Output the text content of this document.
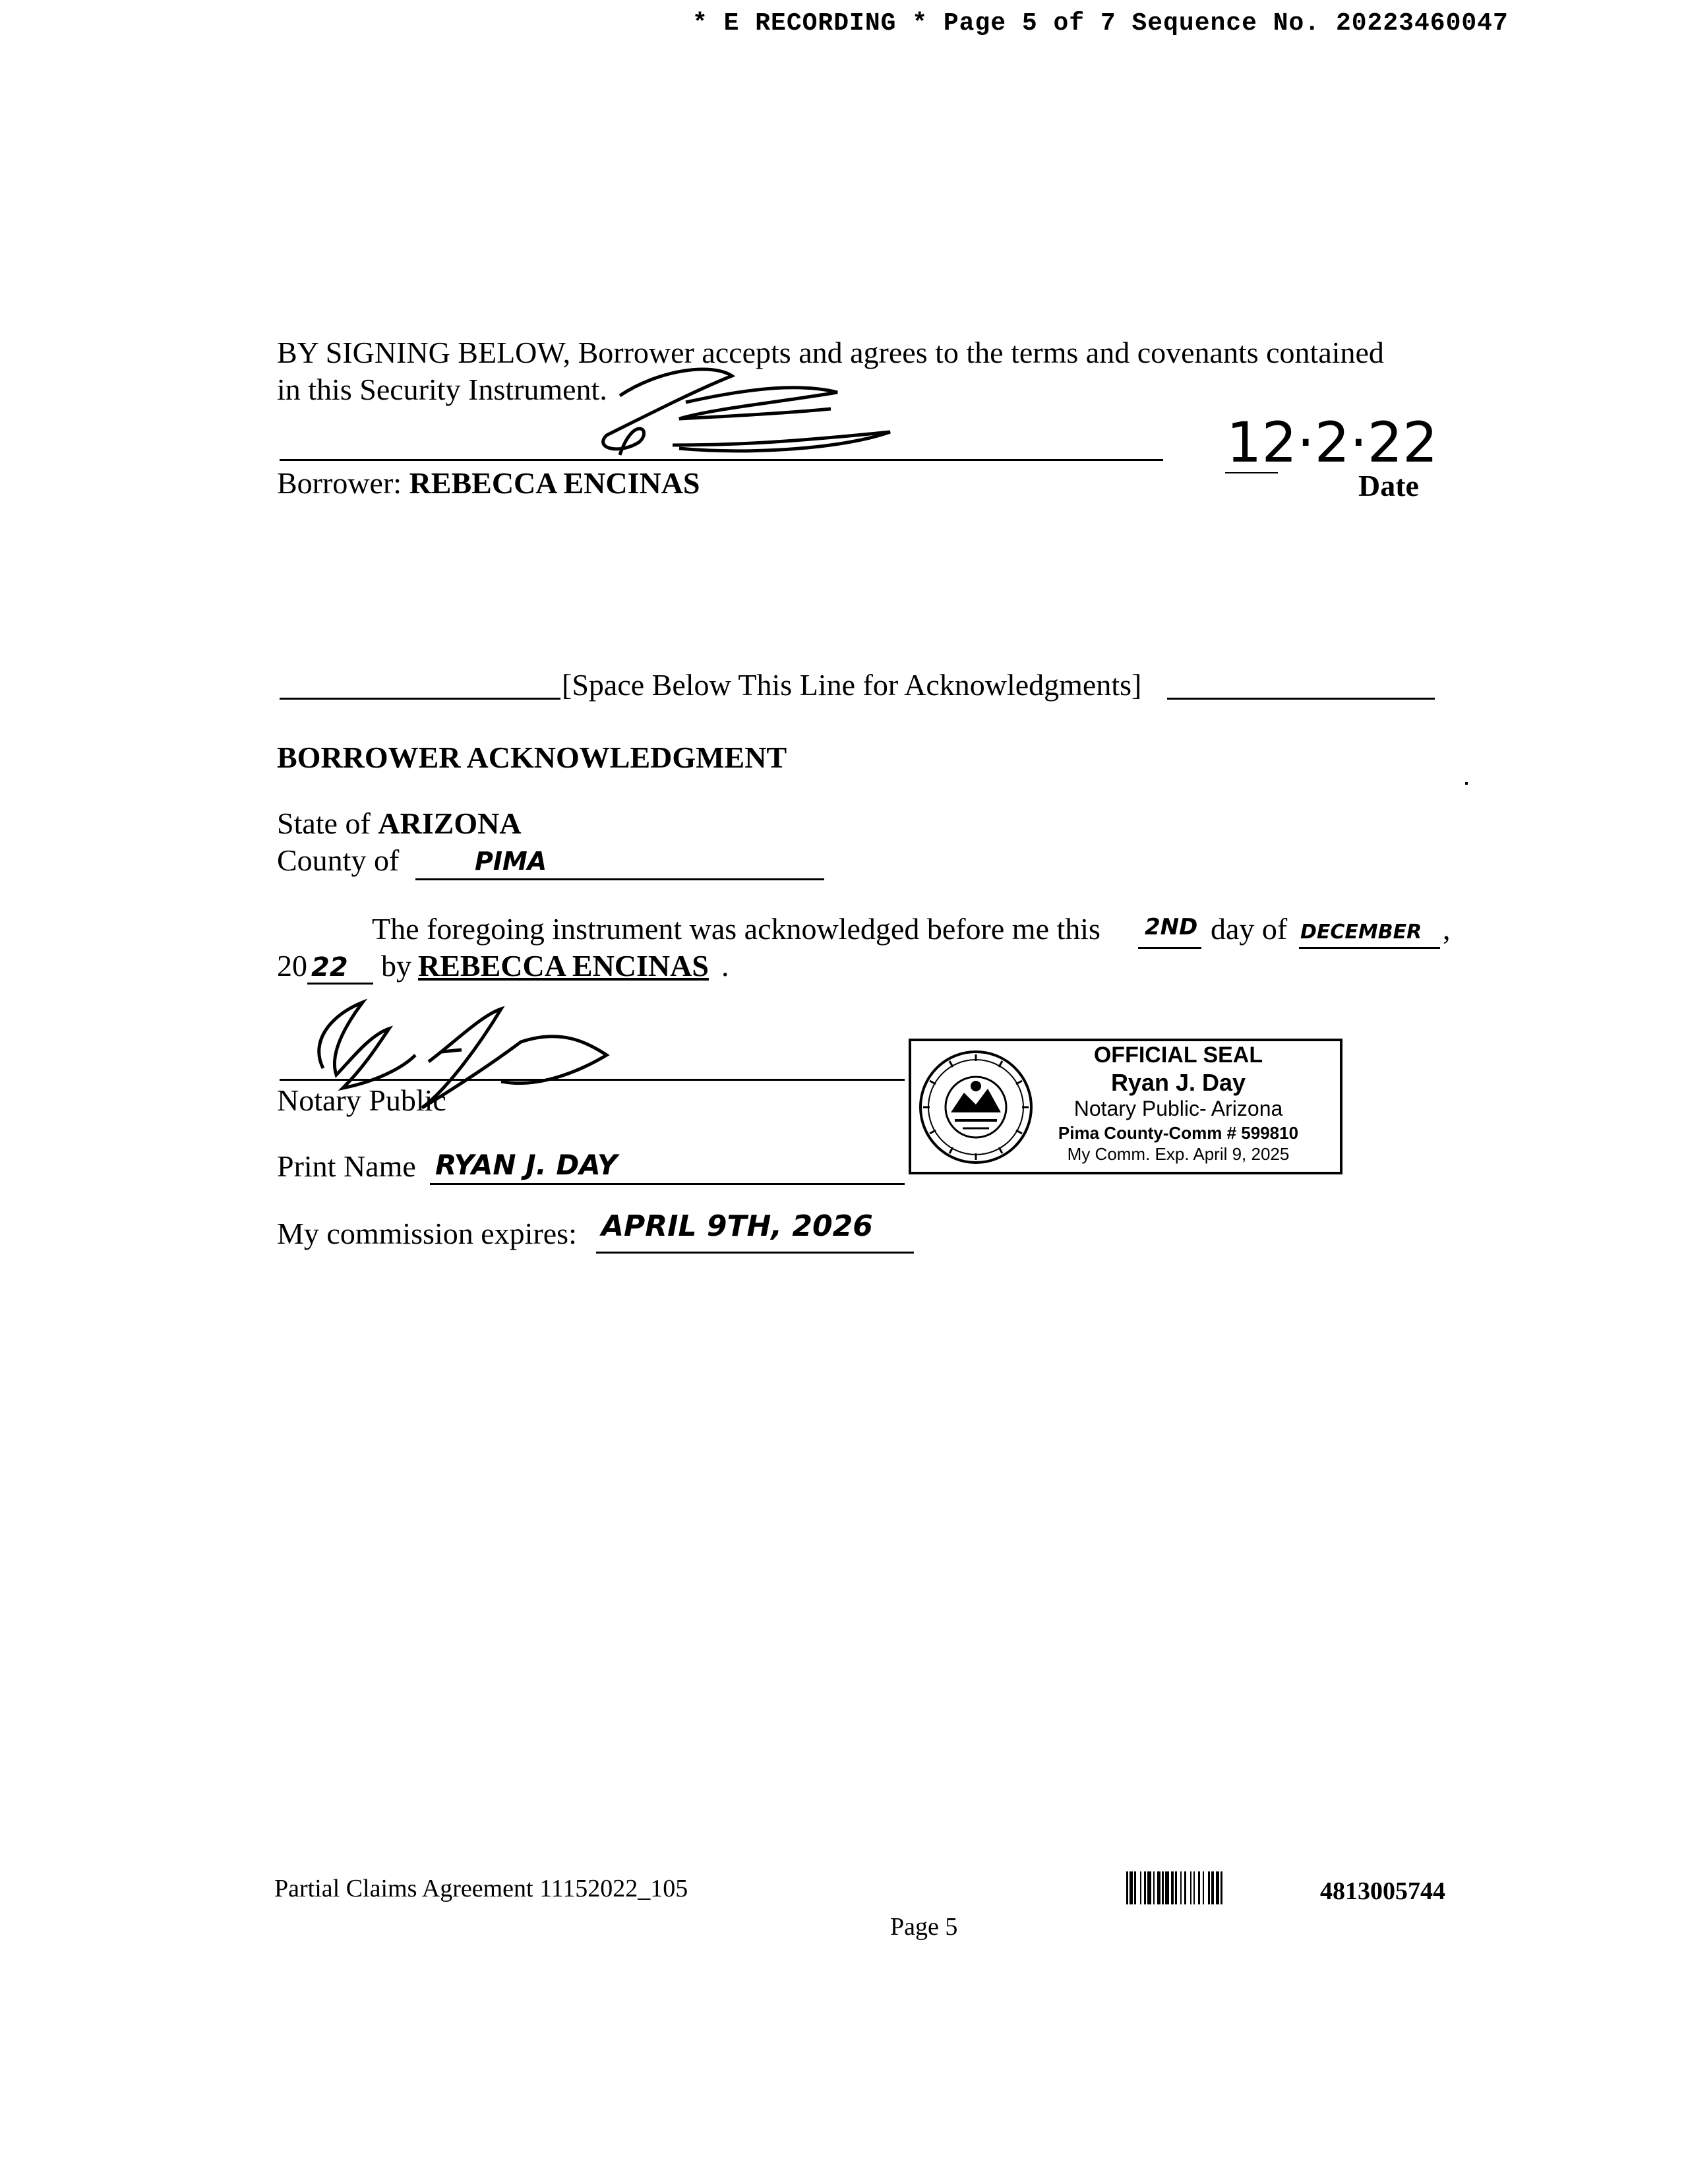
* E RECORDING * Page 5 of 7 Sequence No. 20223460047
BY SIGNING BELOW, Borrower accepts and agrees to the terms and covenants contained
in this Security Instrument.
Borrower: REBECCA ENCINAS
12·2·22
Date
[Space Below This Line for Acknowledgments]
BORROWER ACKNOWLEDGMENT
State of ARIZONA
County of	PIMA
The foregoing instrument was acknowledged before me this 2ND day of DECEMBER ,
20 22 by REBECCA ENCINAS .
Notary Public
Print Name RYAN J. DAY
My commission expires: APRIL 9TH, 2026
OFFICIAL SEAL
Ryan J. Day
Notary Public- Arizona
Pima County-Comm # 599810
My Comm. Exp. April 9, 2025
Partial Claims Agreement 11152022_105	4813005744
Page 5
